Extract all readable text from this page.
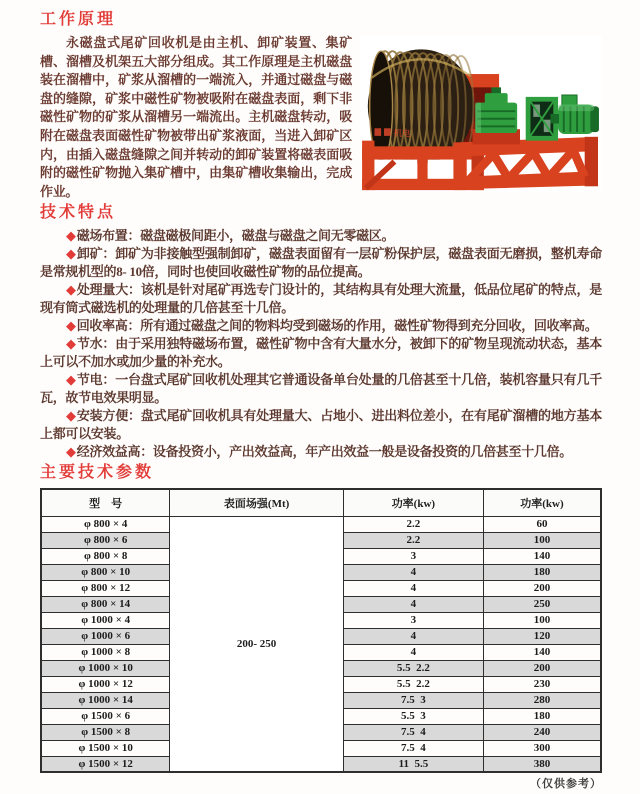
工作原理
机电

永磁盘式尾矿回收机是由主机、卸矿装置、集矿槽、溜槽及机架五大部分组成。其工作原理是主机磁盘装在溜槽中，矿浆从溜槽的一端流入，并通过磁盘与磁盘的缝隙，矿浆中磁性矿物被吸附在磁盘表面，剩下非磁性矿物的矿浆从溜槽另一端流出。主机磁盘转动，吸附在磁盘表面磁性矿物被带出矿浆液面，当进入卸矿区内，由插入磁盘缝隙之间并转动的卸矿装置将磁表面吸附的磁性矿物抛入集矿槽中，由集矿槽收集输出，完成作业。

技术特点

◆磁场布置：磁盘磁极间距小，磁盘与磁盘之间无零磁区。

◆卸矿：卸矿为非接触型强制卸矿，磁盘表面留有一层矿粉保护层，磁盘表面无磨损，整机寿命是常规机型的8- 10倍，同时也使回收磁性矿物的品位提高。

◆处理量大：该机是针对尾矿再选专门设计的，其结构具有处理大流量，低品位尾矿的特点，是现有筒式磁选机的处理量的几倍甚至十几倍。

◆回收率高：所有通过磁盘之间的物料均受到磁场的作用，磁性矿物得到充分回收，回收率高。

◆节水：由于采用独特磁场布置，磁性矿物中含有大量水分，被卸下的矿物呈现流动状态，基本上可以不加水或加少量的补充水。

◆节电：一台盘式尾矿回收机处理其它普通设备单台处量的几倍甚至十几倍，装机容量只有几千瓦，故节电效果明显。

◆安装方便：盘式尾矿回收机具有处理量大、占地小、进出料位差小，在有尾矿溜槽的地方基本上都可以安装。

◆经济效益高：设备投资小，产出效益高，年产出效益一般是设备投资的几倍甚至十几倍。

主要技术参数
型　号	表面场强(Mt)	功率(kw)	功率(kw)
φ 800 × 4	200- 250	2.2	60
φ 800 × 6		2.2	100
φ 800 × 8		3	140
φ 800 × 10		4	180
φ 800 × 12		4	200
φ 800 × 14		4	250
φ 1000 × 4		3	100
φ 1000 × 6		4	120
φ 1000 × 8		4	140
φ 1000 × 10		5.5  2.2	200
φ 1000 × 12		5.5  2.2	230
φ 1000 × 14		7.5  3	280
φ 1500 × 6		5.5  3	180
φ 1500 × 8		7.5  4	240
φ 1500 × 10		7.5  4	300
φ 1500 × 12		11  5.5	380
（仅供参考）
